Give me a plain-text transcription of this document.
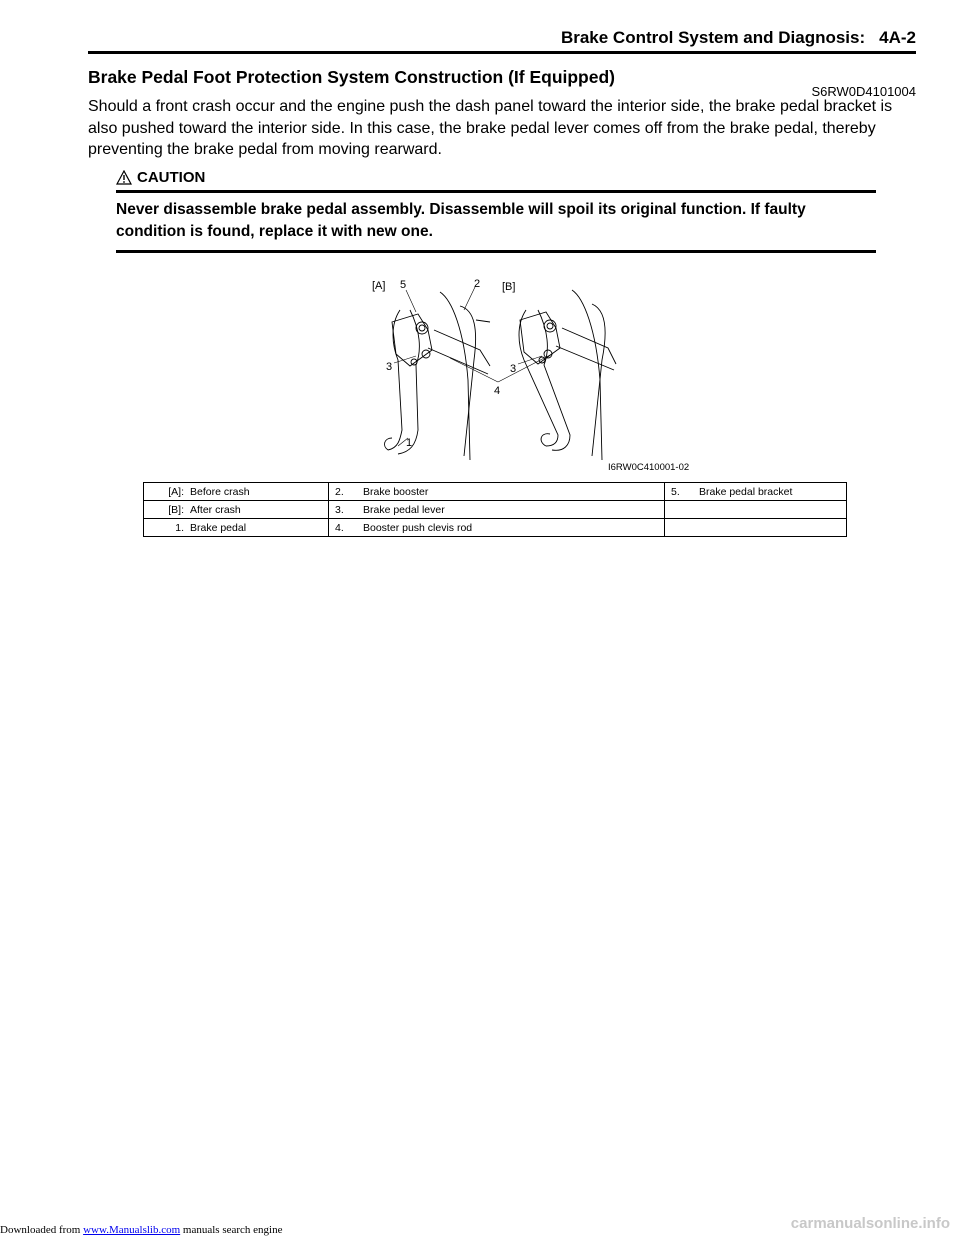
Brake Control System and Diagnosis: 4A-2
Brake Pedal Foot Protection System Construction (If Equipped)
S6RW0D4101004
Should a front crash occur and the engine push the dash panel toward the interior side, the brake pedal bracket is also pushed toward the interior side. In this case, the brake pedal lever comes off from the brake pedal, thereby preventing the brake pedal from moving rearward.
CAUTION
Never disassemble brake pedal assembly. Disassemble will spoil its original function. If faulty condition is found, replace it with new one.
[A] 5	2 [B]
3	3
4
1
I6RW0C410001-02
[A]: Before crash	2. Brake booster	5. Brake pedal bracket
[B]: After crash	3. Brake pedal lever	
1. Brake pedal	4. Booster push clevis rod	
Downloaded from www.Manualslib.com manuals search engine	carmanualsonline.info
